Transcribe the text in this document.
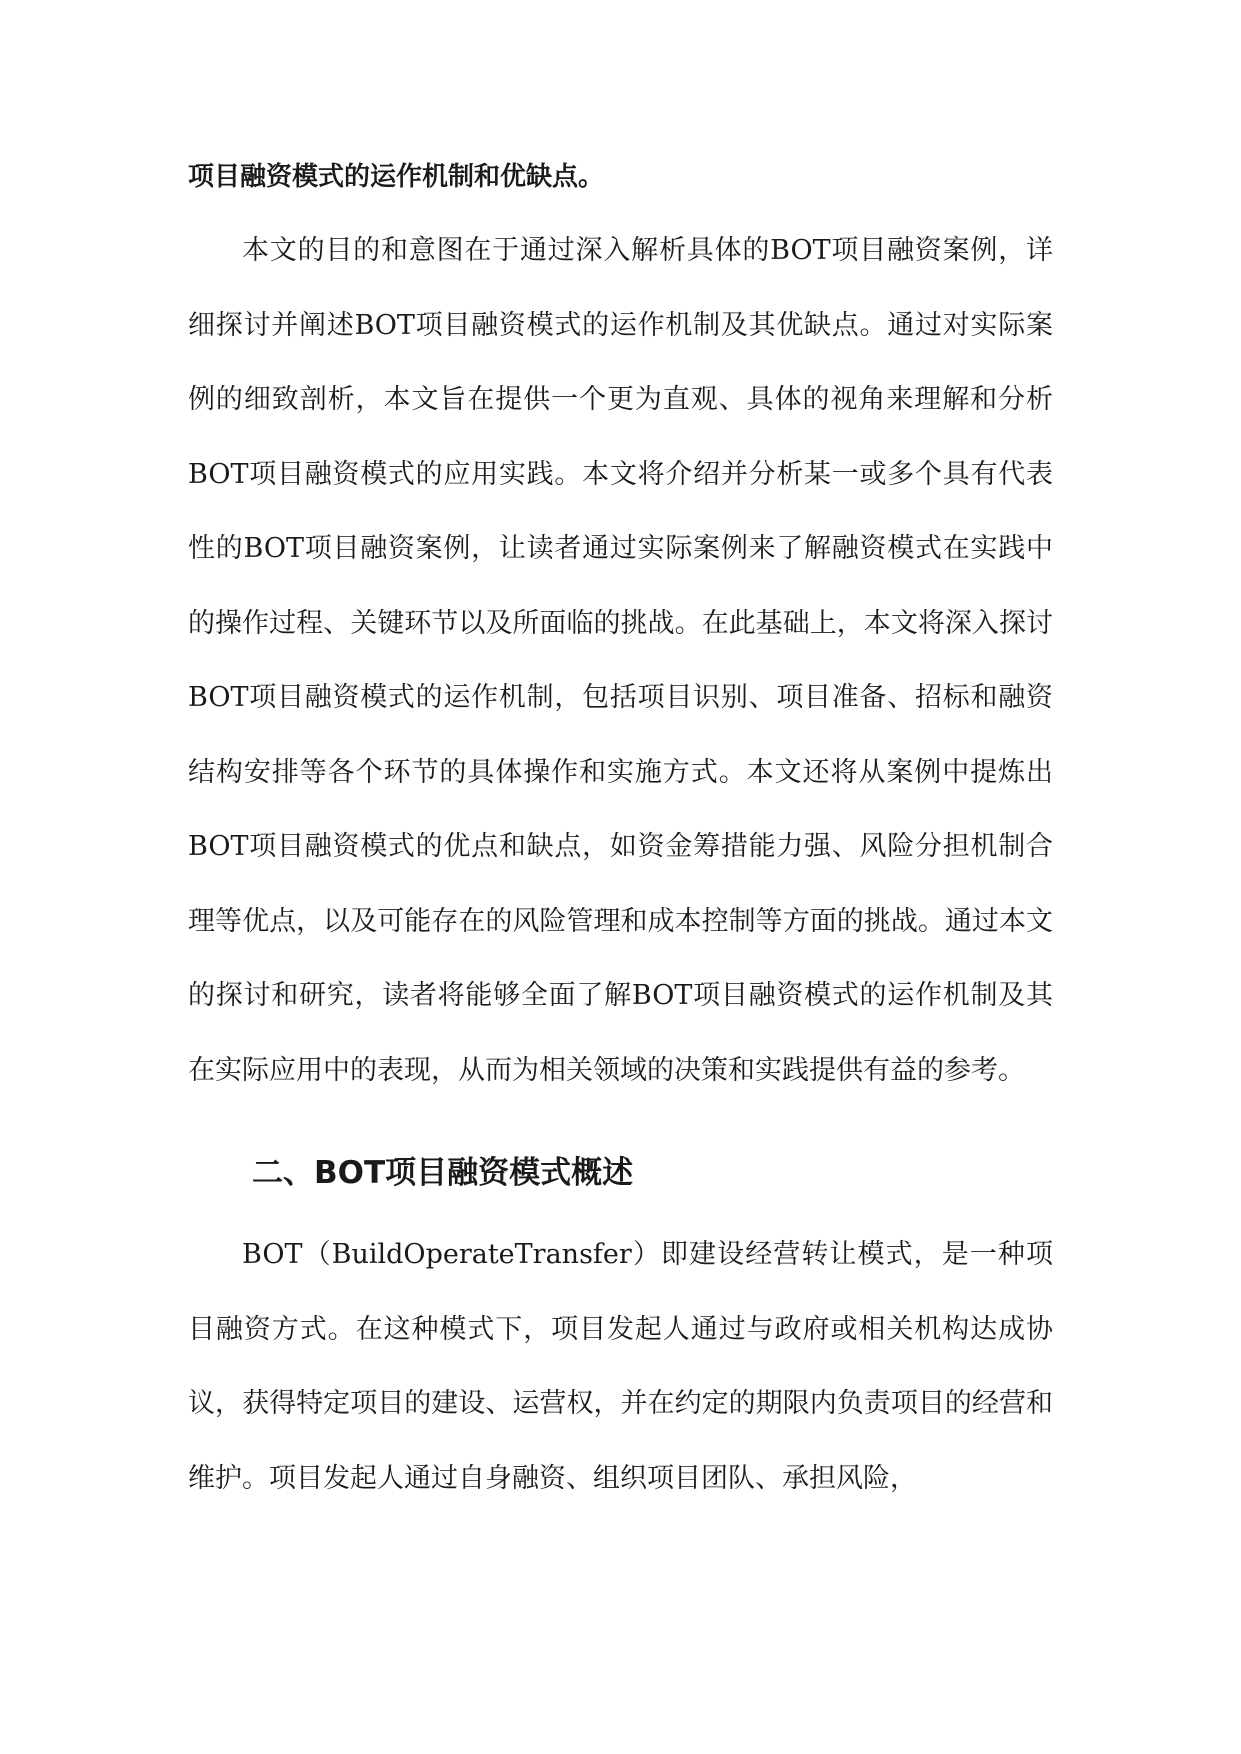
项目融资模式的运作机制和优缺点。

本文的目的和意图在于通过深入解析具体的BOT项目融资案例，详细探讨并阐述BOT项目融资模式的运作机制及其优缺点。通过对实际案例的细致剖析，本文旨在提供一个更为直观、具体的视角来理解和分析BOT项目融资模式的应用实践。本文将介绍并分析某一或多个具有代表性的BOT项目融资案例，让读者通过实际案例来了解融资模式在实践中的操作过程、关键环节以及所面临的挑战。在此基础上，本文将深入探讨BOT项目融资模式的运作机制，包括项目识别、项目准备、招标和融资结构安排等各个环节的具体操作和实施方式。本文还将从案例中提炼出BOT项目融资模式的优点和缺点，如资金筹措能力强、风险分担机制合理等优点，以及可能存在的风险管理和成本控制等方面的挑战。通过本文的探讨和研究，读者将能够全面了解BOT项目融资模式的运作机制及其在实际应用中的表现，从而为相关领域的决策和实践提供有益的参考。

二、BOT项目融资模式概述

BOT（BuildOperateTransfer）即建设经营转让模式，是一种项目融资方式。在这种模式下，项目发起人通过与政府或相关机构达成协议，获得特定项目的建设、运营权，并在约定的期限内负责项目的经营和维护。项目发起人通过自身融资、组织项目团队、承担风险，
